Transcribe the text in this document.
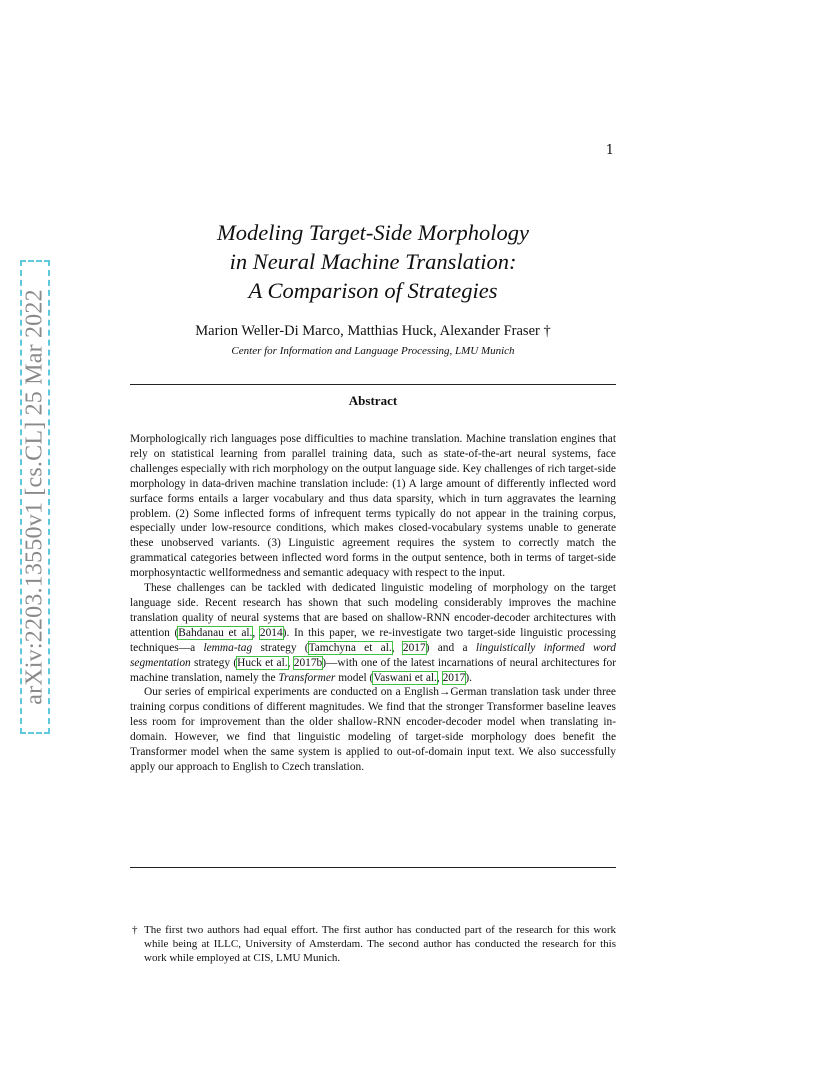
1
arXiv:2203.13550v1 [cs.CL] 25 Mar 2022
Modeling Target-Side Morphology
in Neural Machine Translation:
A Comparison of Strategies
Marion Weller-Di Marco, Matthias Huck, Alexander Fraser †
Center for Information and Language Processing, LMU Munich
Abstract

Morphologically rich languages pose difficulties to machine translation. Machine translation engines that rely on statistical learning from parallel training data, such as state-of-the-art neural systems, face challenges especially with rich morphology on the output language side. Key challenges of rich target-side morphology in data-driven machine translation include: (1) A large amount of differently inflected word surface forms entails a larger vocabulary and thus data sparsity, which in turn aggravates the learning problem. (2) Some inflected forms of infrequent terms typically do not appear in the training corpus, especially under low-resource conditions, which makes closed-vocabulary systems unable to generate these unobserved variants. (3) Linguistic agreement requires the system to correctly match the grammatical categories between inflected word forms in the output sentence, both in terms of target-side morphosyntactic wellformedness and semantic adequacy with respect to the input.

These challenges can be tackled with dedicated linguistic modeling of morphology on the target language side. Recent research has shown that such modeling considerably improves the machine translation quality of neural systems that are based on shallow-RNN encoder-decoder architectures with attention (Bahdanau et al., 2014). In this paper, we re-investigate two target-side linguistic processing techniques—a lemma-tag strategy (Tamchyna et al., 2017) and a linguistically informed word segmentation strategy (Huck et al., 2017b)—with one of the latest incarnations of neural architectures for machine translation, namely the Transformer model (Vaswani et al., 2017).

Our series of empirical experiments are conducted on a English→German translation task under three training corpus conditions of different magnitudes. We find that the stronger Transformer baseline leaves less room for improvement than the older shallow-RNN encoder-decoder model when translating in-domain. However, we find that linguistic modeling of target-side morphology does benefit the Transformer model when the same system is applied to out-of-domain input text. We also successfully apply our approach to English to Czech translation.

† The first two authors had equal effort. The first author has conducted part of the research for this work while being at ILLC, University of Amsterdam. The second author has conducted the research for this work while employed at CIS, LMU Munich.
